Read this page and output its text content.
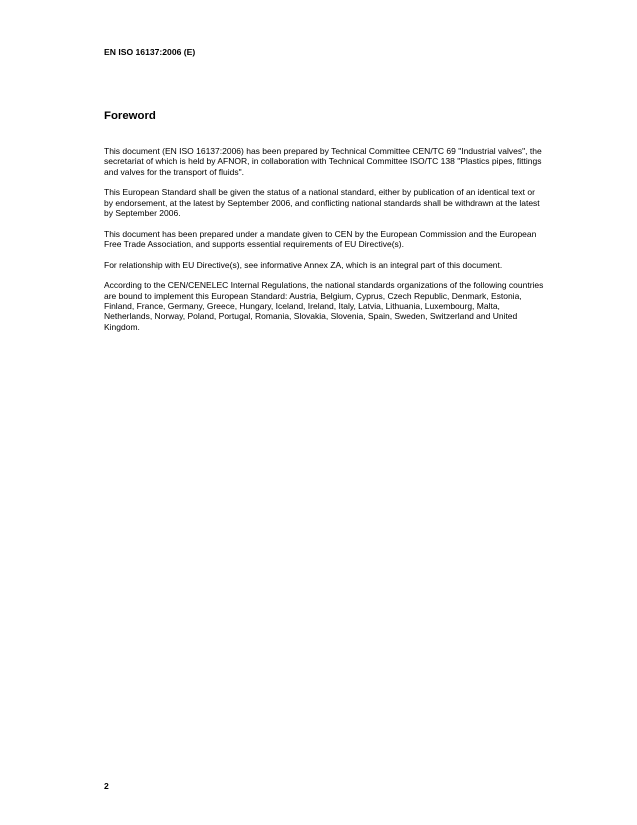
EN ISO 16137:2006 (E)
Foreword

This document (EN ISO 16137:2006) has been prepared by Technical Committee CEN/TC 69 "Industrial valves", the secretariat of which is held by AFNOR, in collaboration with Technical Committee ISO/TC 138 "Plastics pipes, fittings and valves for the transport of fluids".

This European Standard shall be given the status of a national standard, either by publication of an identical text or by endorsement, at the latest by September 2006, and conflicting national standards shall be withdrawn at the latest by September 2006.

This document has been prepared under a mandate given to CEN by the European Commission and the European Free Trade Association, and supports essential requirements of EU Directive(s).

For relationship with EU Directive(s), see informative Annex ZA, which is an integral part of this document.

According to the CEN/CENELEC Internal Regulations, the national standards organizations of the following countries are bound to implement this European Standard: Austria, Belgium, Cyprus, Czech Republic, Denmark, Estonia, Finland, France, Germany, Greece, Hungary, Iceland, Ireland, Italy, Latvia, Lithuania, Luxembourg, Malta, Netherlands, Norway, Poland, Portugal, Romania, Slovakia, Slovenia, Spain, Sweden, Switzerland and United Kingdom.

2
